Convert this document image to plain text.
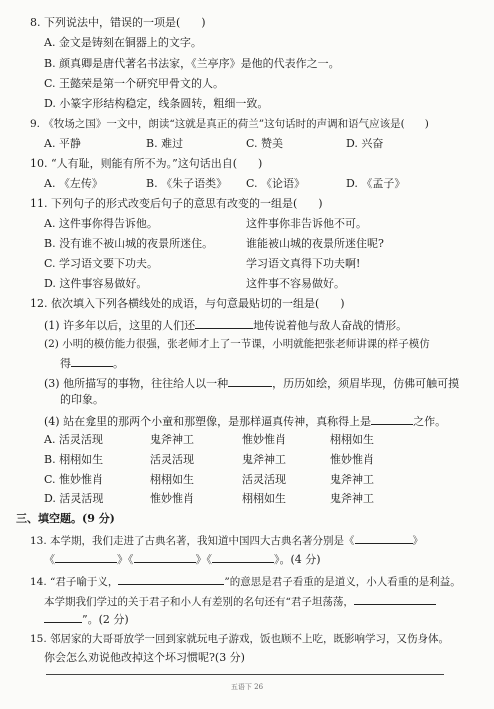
8. 下列说法中，错误的一项是(      )
A. 金文是铸刻在铜器上的文字。
B. 颜真卿是唐代著名书法家，《兰亭序》是他的代表作之一。
C. 王懿荣是第一个研究甲骨文的人。
D. 小篆字形结构稳定，线条圆转，粗细一致。
9. 《牧场之国》一文中，朗读“这就是真正的荷兰”这句话时的声调和语气应该是(      )
A. 平静	B. 难过	C. 赞美	D. 兴奋
10. “人有耻，则能有所不为。”这句话出自(      )
A. 《左传》	B. 《朱子语类》 C. 《论语》	D. 《孟子》
11. 下列句子的形式改变后句子的意思有改变的一组是(      )
A. 这件事你得告诉他。	这件事你非告诉他不可。
B. 没有谁不被山城的夜景所迷住。	谁能被山城的夜景所迷住呢?
C. 学习语文要下功夫。	学习语文真得下功夫啊!
D. 这件事容易做好。	这件事不容易做好。
12. 依次填入下列各横线处的成语，与句意最贴切的一组是(      )
(1) 许多年以后，这里的人们还	地传说着他与敌人奋战的情形。
(2) 小明的模仿能力很强，张老师才上了一节课，小明就能把张老师讲课的样子模仿
得	。
(3) 他所描写的事物，往往给人以一种	，历历如绘，须眉毕现，仿佛可触可摸
的印象。
(4) 站在龛里的那两个小童和那塑像，是那样逼真传神，真称得上是	之作。
A. 活灵活现	鬼斧神工	惟妙惟肖	栩栩如生
B. 栩栩如生	活灵活现	鬼斧神工	惟妙惟肖
C. 惟妙惟肖	栩栩如生	活灵活现	鬼斧神工
D. 活灵活现	惟妙惟肖	栩栩如生	鬼斧神工
三、填空题。(9 分)
13. 本学期，我们走进了古典名著，我知道中国四大古典名著分别是《	》
《	》《	》《	》。(4 分)
14. “君子喻于义，	”的意思是君子看重的是道义，小人看重的是利益。
本学期我们学过的关于君子和小人有差别的名句还有“君子坦荡荡，
”。(2 分)
15. 邻居家的大哥哥放学一回到家就玩电子游戏，饭也顾不上吃，既影响学习，又伤身体。
你会怎么劝说他改掉这个坏习惯呢?(3 分)
五语下 26
